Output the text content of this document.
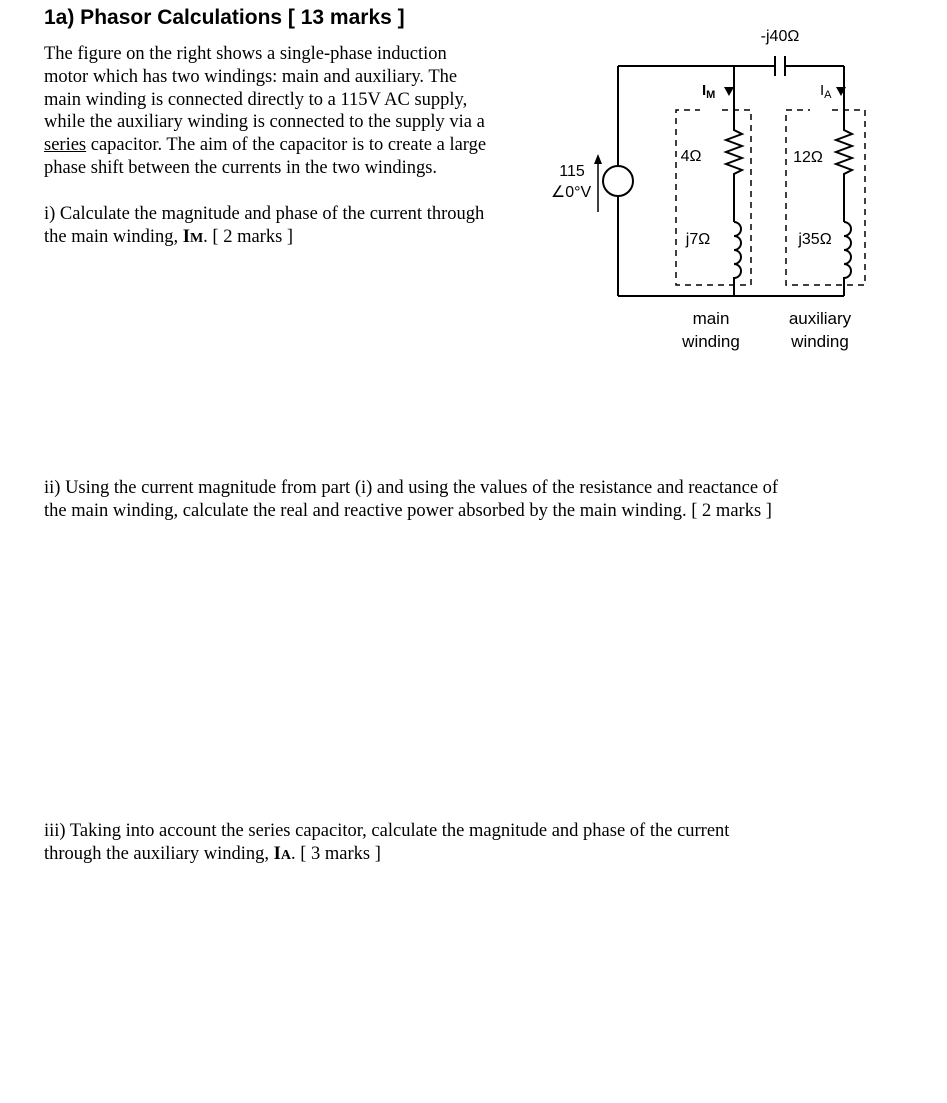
1a) Phasor Calculations [ 13 marks ]
The figure on the right shows a single-phase induction
motor which has two windings: main and auxiliary. The
main winding is connected directly to a 115V AC supply,
while the auxiliary winding is connected to the supply via a
series capacitor. The aim of the capacitor is to create a large
phase shift between the currents in the two windings.
i) Calculate the magnitude and phase of the current through
the main winding, IM. [ 2 marks ]
ii) Using the current magnitude from part (i) and using the values of the resistance and reactance of
the main winding, calculate the real and reactive power absorbed by the main winding. [ 2 marks ]
iii) Taking into account the series capacitor, calculate the magnitude and phase of the current
through the auxiliary winding, IA. [ 3 marks ]
-j40Ω
115
∠0°V
$I_M$	$I_A$
4Ω
j7Ω
12Ω
j35Ω
main
winding
auxiliary
winding
